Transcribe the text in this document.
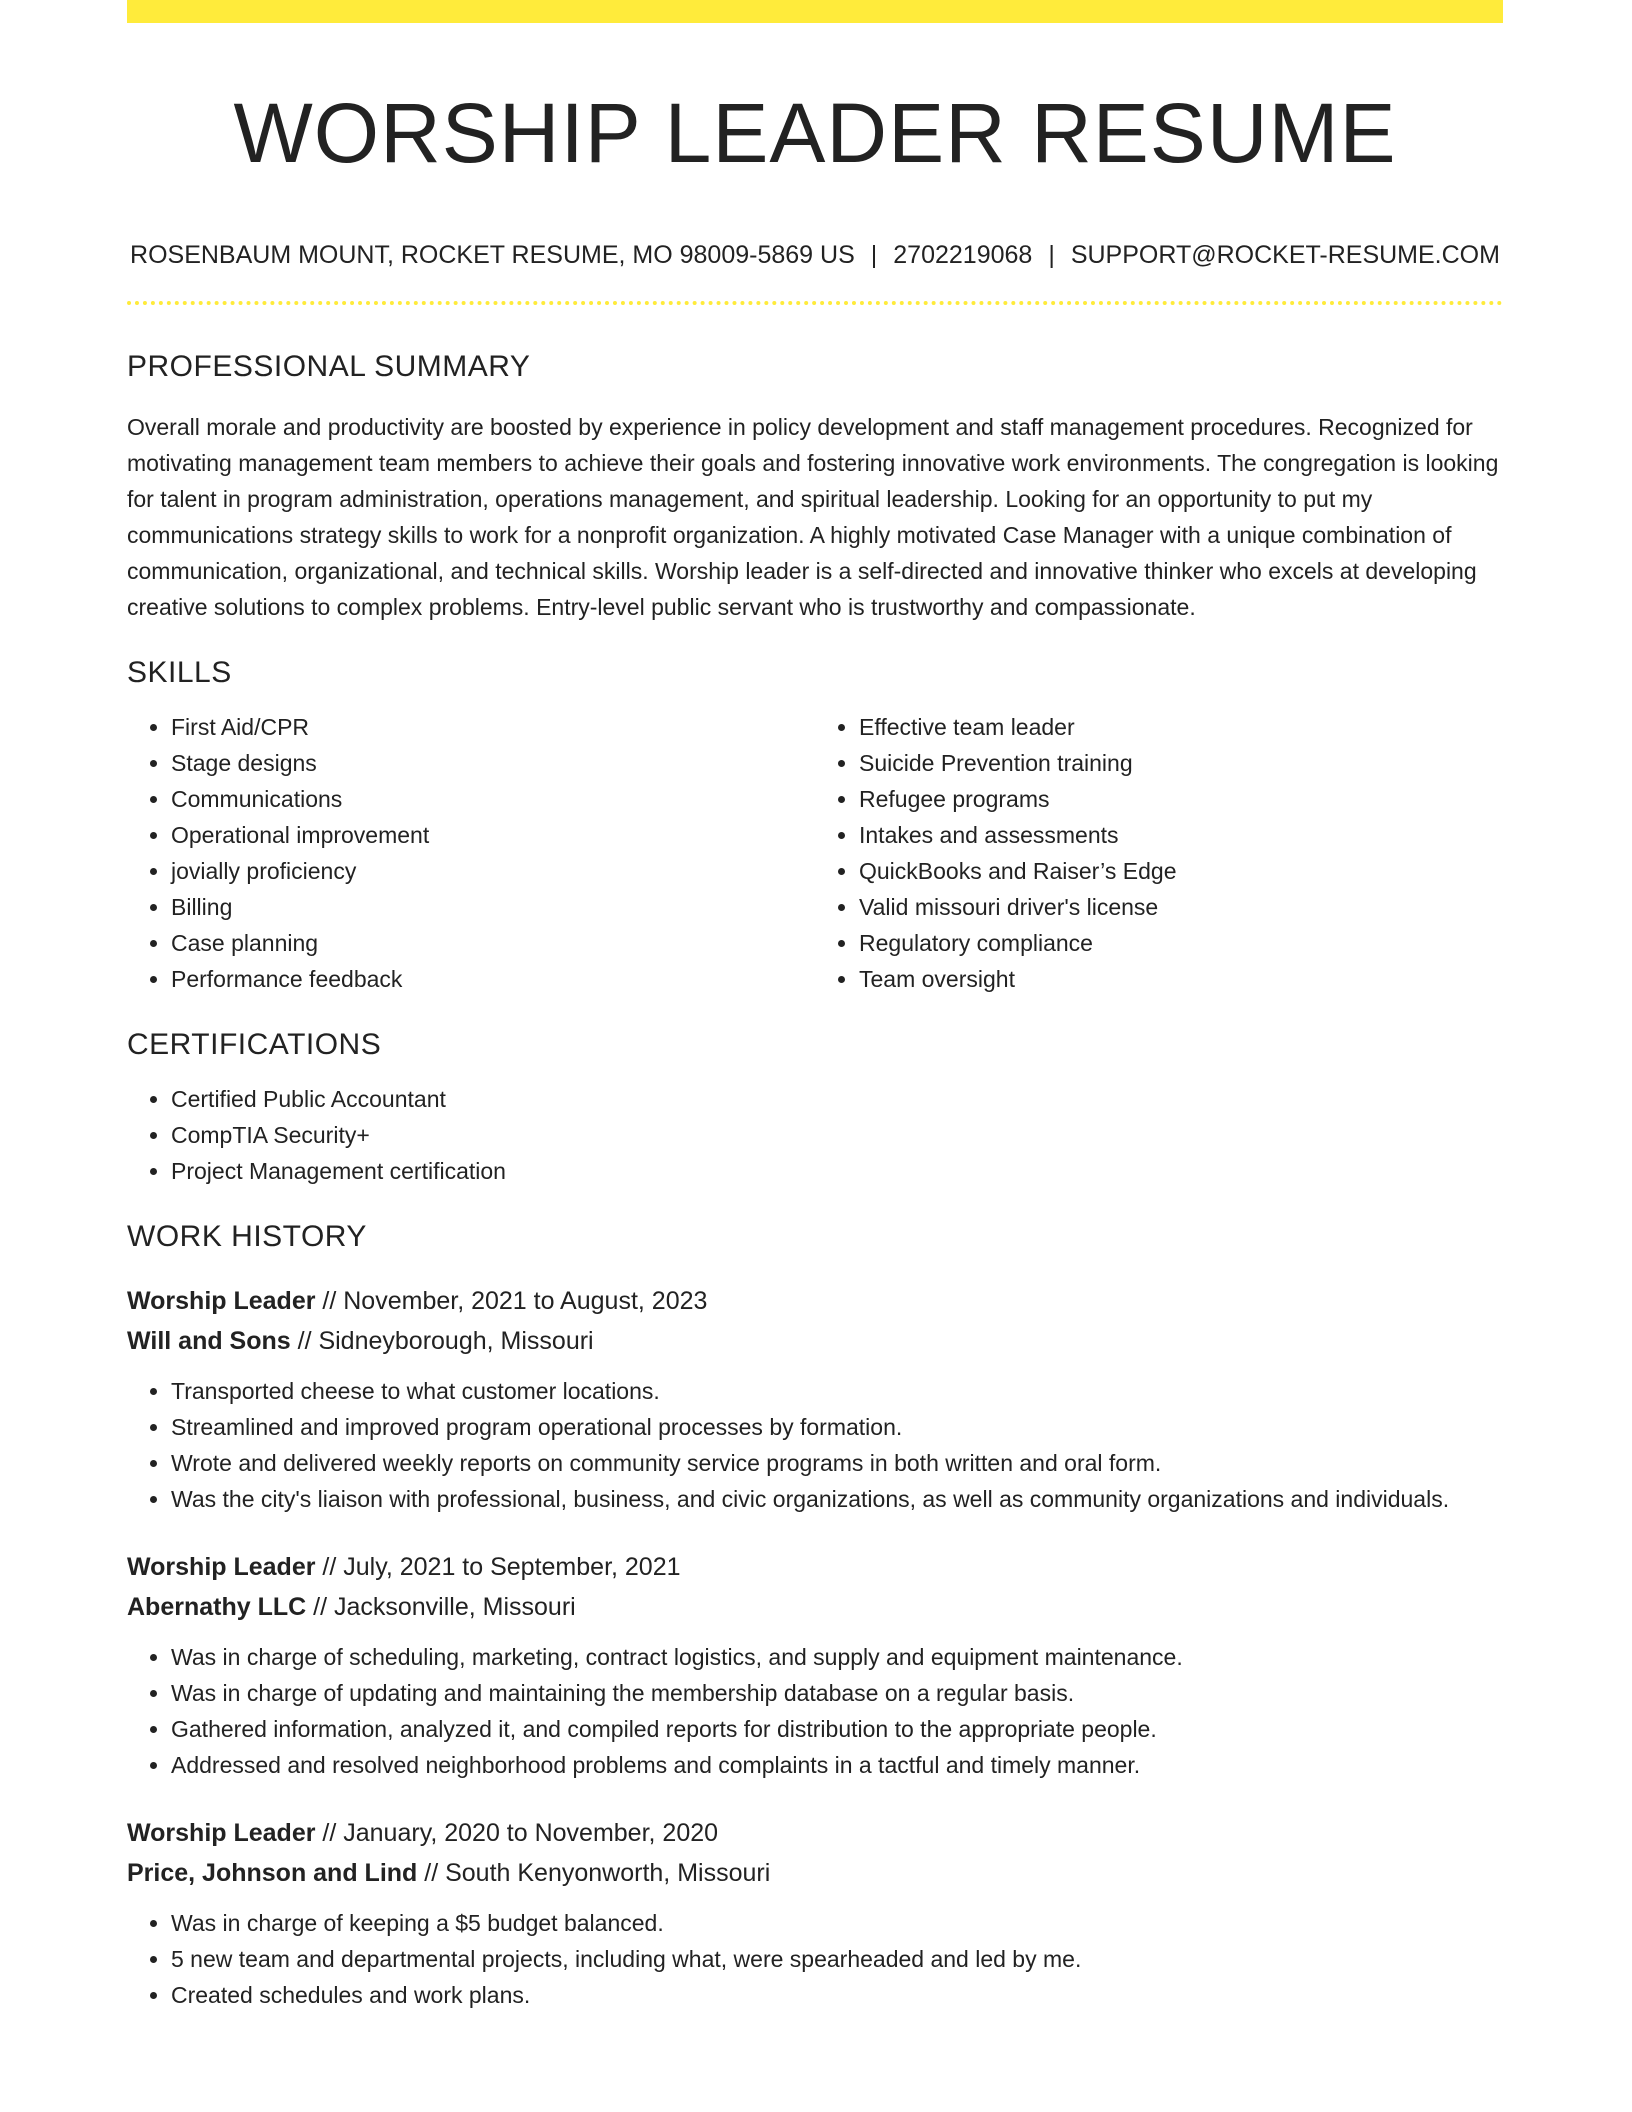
WORSHIP LEADER RESUME
ROSENBAUM MOUNT, ROCKET RESUME, MO 98009-5869 US | 2702219068 | SUPPORT@ROCKET-RESUME.COM
PROFESSIONAL SUMMARY

Overall morale and productivity are boosted by experience in policy development and staff management procedures. Recognized for motivating management team members to achieve their goals and fostering innovative work environments. The congregation is looking for talent in program administration, operations management, and spiritual leadership. Looking for an opportunity to put my communications strategy skills to work for a nonprofit organization. A highly motivated Case Manager with a unique combination of communication, organizational, and technical skills. Worship leader is a self-directed and innovative thinker who excels at developing creative solutions to complex problems. Entry-level public servant who is trustworthy and compassionate.

SKILLS
• First Aid/CPR
• Stage designs
• Communications
• Operational improvement
• jovially proficiency
• Billing
• Case planning
• Performance feedback
• Effective team leader
• Suicide Prevention training
• Refugee programs
• Intakes and assessments
• QuickBooks and Raiser’s Edge
• Valid missouri driver's license
• Regulatory compliance
• Team oversight
CERTIFICATIONS
• Certified Public Accountant
• CompTIA Security+
• Project Management certification
WORK HISTORY
Worship Leader // November, 2021 to August, 2023
Will and Sons // Sidneyborough, Missouri
• Transported cheese to what customer locations.
• Streamlined and improved program operational processes by formation.
• Wrote and delivered weekly reports on community service programs in both written and oral form.
• Was the city's liaison with professional, business, and civic organizations, as well as community organizations and individuals.
Worship Leader // July, 2021 to September, 2021
Abernathy LLC // Jacksonville, Missouri
• Was in charge of scheduling, marketing, contract logistics, and supply and equipment maintenance.
• Was in charge of updating and maintaining the membership database on a regular basis.
• Gathered information, analyzed it, and compiled reports for distribution to the appropriate people.
• Addressed and resolved neighborhood problems and complaints in a tactful and timely manner.
Worship Leader // January, 2020 to November, 2020
Price, Johnson and Lind // South Kenyonworth, Missouri
• Was in charge of keeping a $5 budget balanced.
• 5 new team and departmental projects, including what, were spearheaded and led by me.
• Created schedules and work plans.
